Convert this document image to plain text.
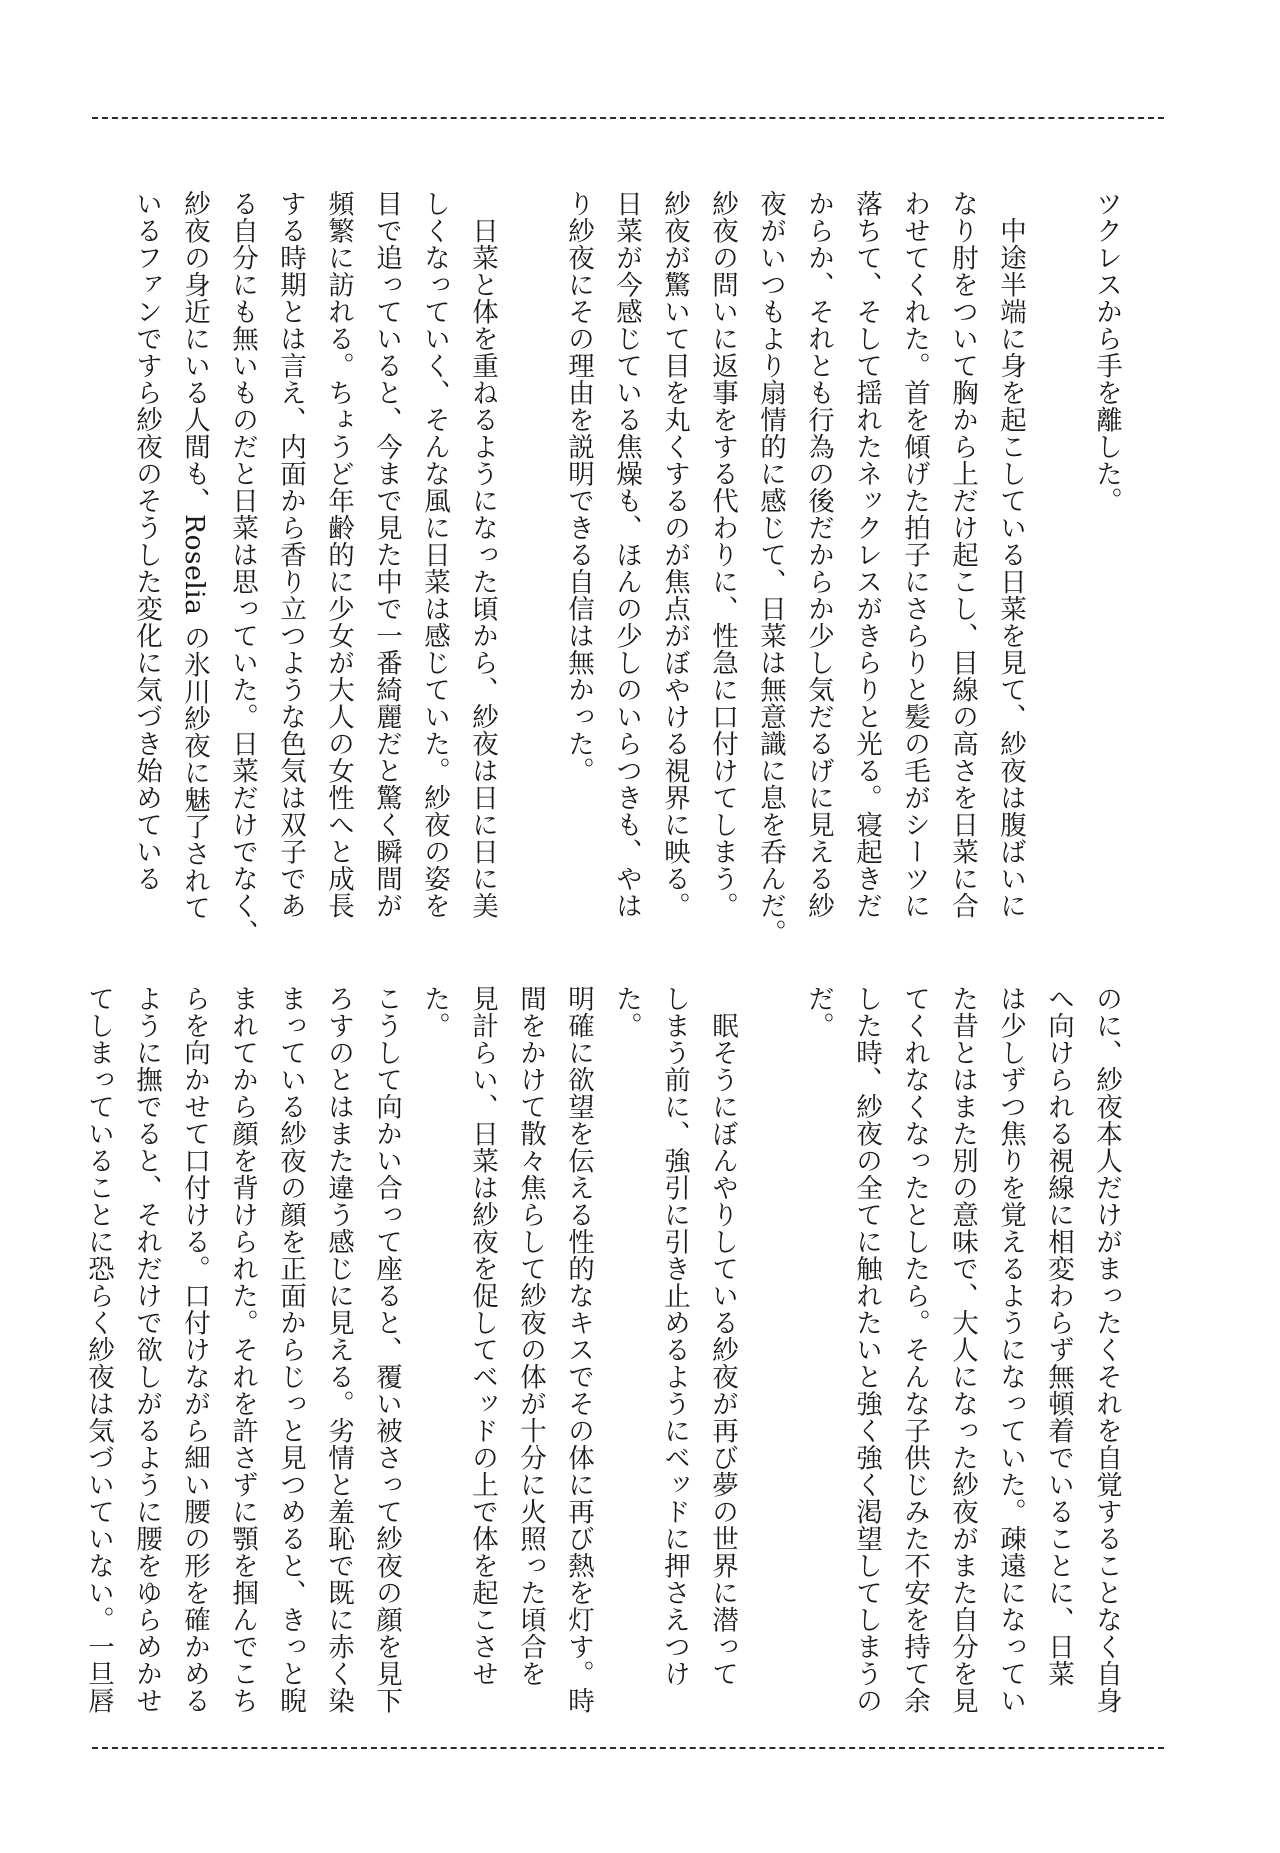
ツクレスから手を離した。

中途半端に身を起こしている日菜を見て、紗夜は腹ばいに
なり肘をついて胸から上だけ起こし、目線の高さを日菜に合
わせてくれた。首を傾げた拍子にさらりと髪の毛がシーツに
落ちて、そして揺れたネックレスがきらりと光る。寝起きだ
からか、それとも行為の後だからか少し気だるげに見える紗
夜がいつもより扇情的に感じて、日菜は無意識に息を呑んだ。
紗夜の問いに返事をする代わりに、性急に口付けてしまう。
紗夜が驚いて目を丸くするのが焦点がぼやける視界に映る。
日菜が今感じている焦燥も、ほんの少しのいらつきも、やは
り紗夜にその理由を説明できる自信は無かった。

日菜と体を重ねるようになった頃から、紗夜は日に日に美
しくなっていく、そんな風に日菜は感じていた。紗夜の姿を
目で追っていると、今まで見た中で一番綺麗だと驚く瞬間が
頻繁に訪れる。ちょうど年齢的に少女が大人の女性へと成長
する時期とは言え、内面から香り立つような色気は双子であ
る自分にも無いものだと日菜は思っていた。日菜だけでなく、
紗夜の身近にいる人間も、Roselia の氷川紗夜に魅了されて
いるファンですら紗夜のそうした変化に気づき始めている

のに、紗夜本人だけがまったくそれを自覚することなく自身
へ向けられる視線に相変わらず無頓着でいることに、日菜
は少しずつ焦りを覚えるようになっていた。疎遠になってい
た昔とはまた別の意味で、大人になった紗夜がまた自分を見
てくれなくなったとしたら。そんな子供じみた不安を持て余
した時、紗夜の全てに触れたいと強く強く渇望してしまうの
だ。

眠そうにぼんやりしている紗夜が再び夢の世界に潜って
しまう前に、強引に引き止めるようにベッドに押さえつけた。
明確に欲望を伝える性的なキスでその体に再び熱を灯す。時
間をかけて散々焦らして紗夜の体が十分に火照った頃合を
見計らい、日菜は紗夜を促してベッドの上で体を起こさせた。
こうして向かい合って座ると、覆い被さって紗夜の顔を見下
ろすのとはまた違う感じに見える。劣情と羞恥で既に赤く染
まっている紗夜の顔を正面からじっと見つめると、きっと睨
まれてから顔を背けられた。それを許さずに顎を掴んでこち
らを向かせて口付ける。口付けながら細い腰の形を確かめる
ように撫でると、それだけで欲しがるように腰をゆらめかせ
てしまっていることに恐らく紗夜は気づいていない。一旦唇
